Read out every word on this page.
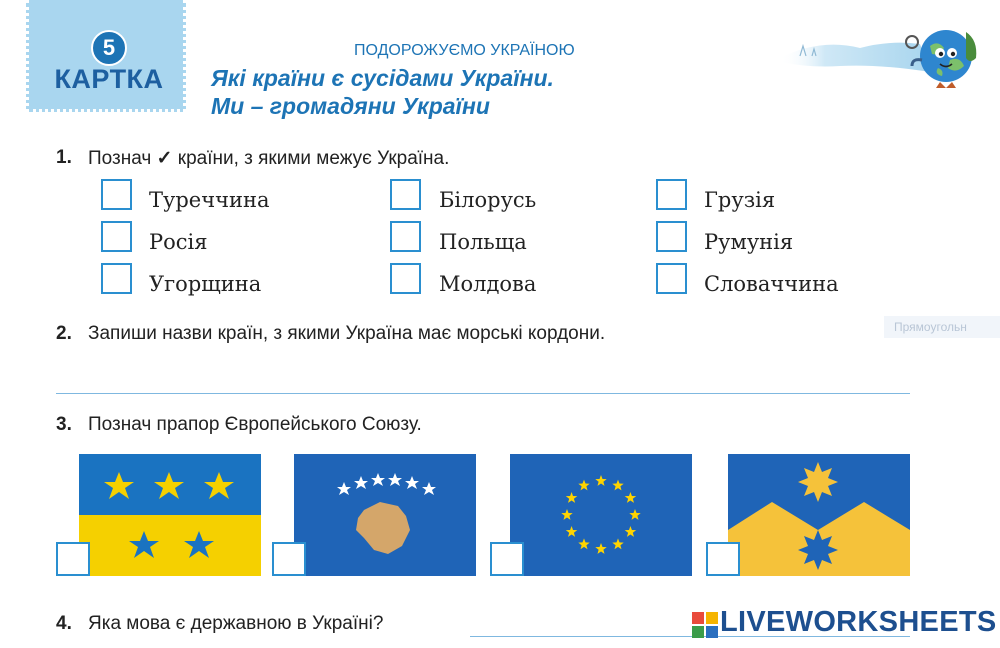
5
КАРТКА
ПОДОРОЖУЄМО УКРАЇНОЮ
Які країни є сусідами України.
Ми – громадяни України
1. Познач ✓ країни, з якими межує Україна.
Туреччина	Білорусь	Грузія
Росія	Польща	Румунія
Угорщина	Молдова	Словаччина
2. Запиши назви країн, з якими Україна має морські кордони.	Прямоугольн
3. Познач прапор Європейського Союзу.
4. Яка мова є державною в Україні?	LIVEWORKSHEETS
